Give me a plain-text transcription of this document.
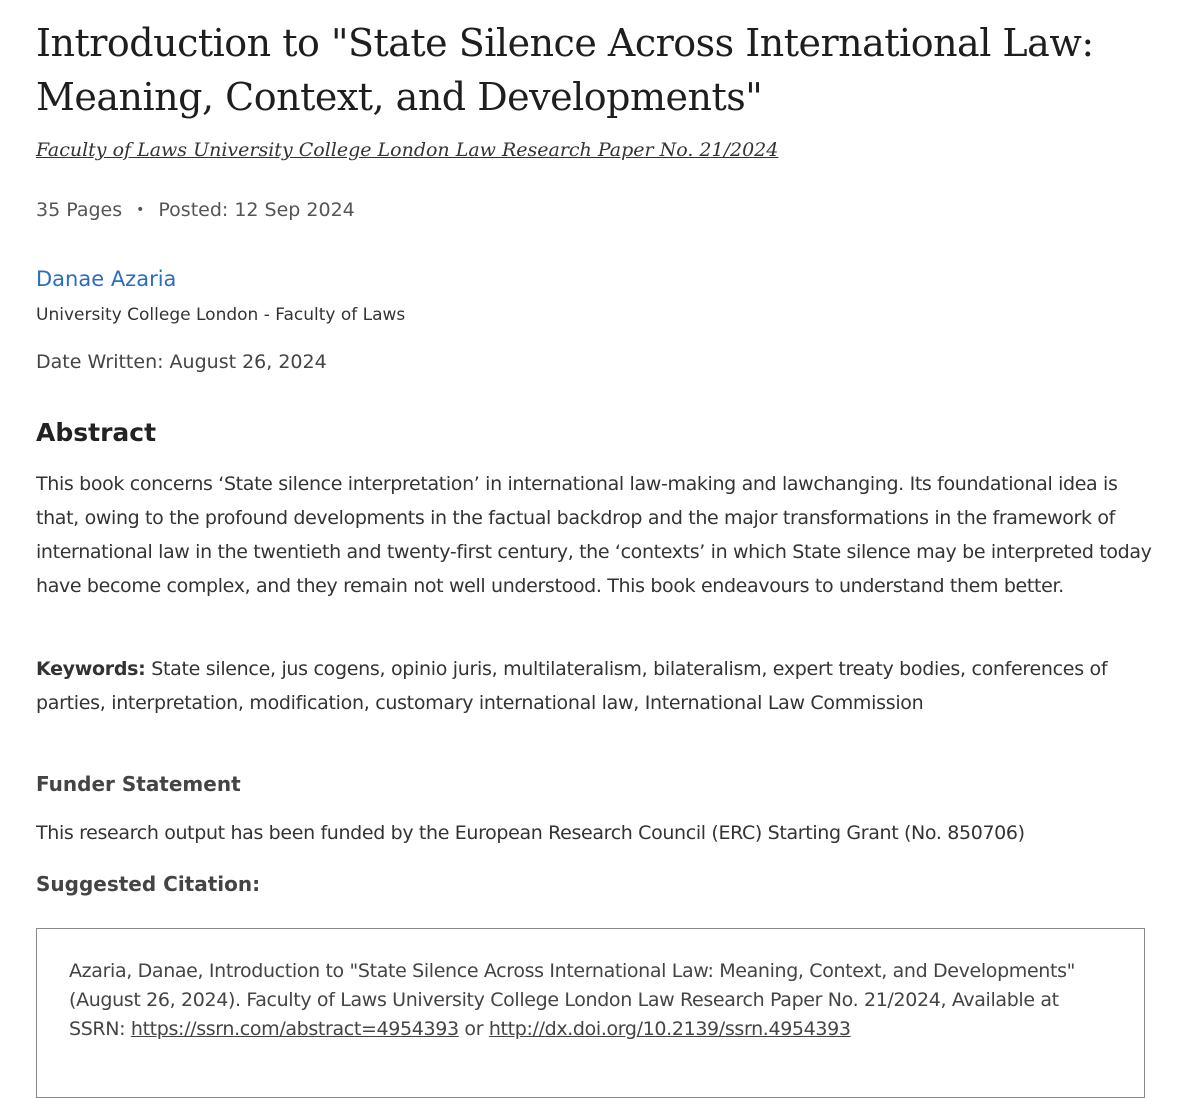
Introduction to "State Silence Across International Law: Meaning, Context, and Developments"
Faculty of Laws University College London Law Research Paper No. 21/2024
35 Pages • Posted: 12 Sep 2024
Danae Azaria
University College London - Faculty of Laws
Date Written: August 26, 2024
Abstract

This book concerns ‘State silence interpretation’ in international law-making and lawchanging. Its foundational idea is that, owing to the profound developments in the factual backdrop and the major transformations in the framework of international law in the twentieth and twenty-first century, the ‘contexts’ in which State silence may be interpreted today have become complex, and they remain not well understood. This book endeavours to understand them better.

Keywords: State silence, jus cogens, opinio juris, multilateralism, bilateralism, expert treaty bodies, conferences of parties, interpretation, modification, customary international law, International Law Commission

Funder Statement

This research output has been funded by the European Research Council (ERC) Starting Grant (No. 850706)

Suggested Citation:

Azaria, Danae, Introduction to "State Silence Across International Law: Meaning, Context, and Developments" (August 26, 2024). Faculty of Laws University College London Law Research Paper No. 21/2024, Available at SSRN: https://ssrn.com/abstract=4954393 or http://dx.doi.org/10.2139/ssrn.4954393
